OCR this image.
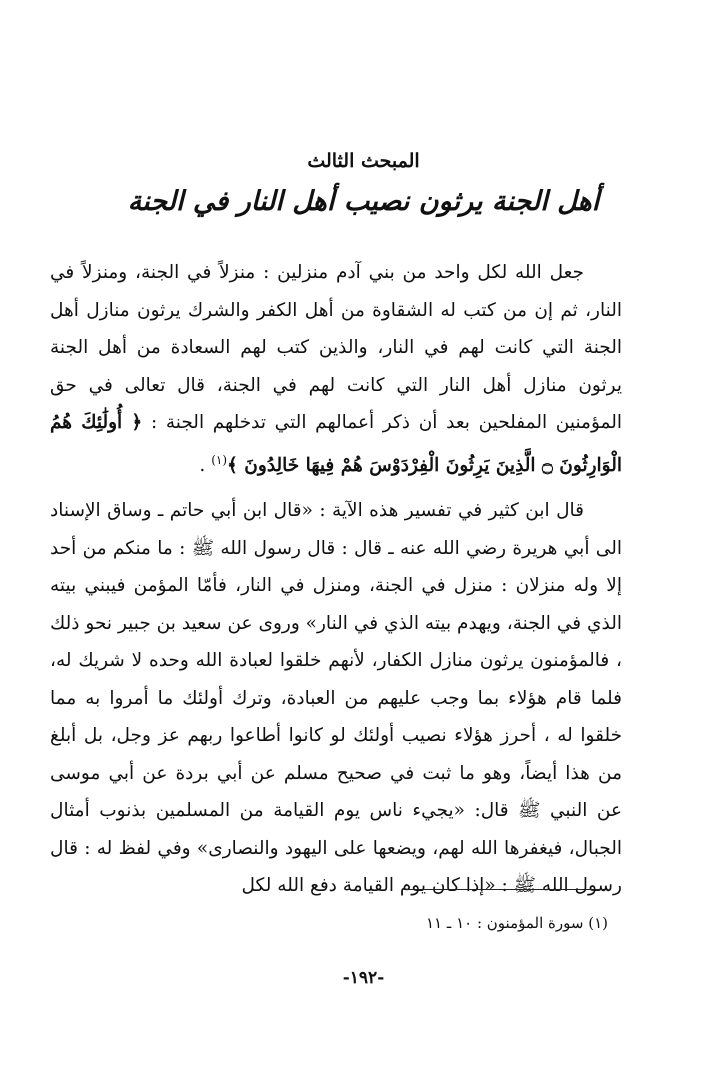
المبحث الثالث
أهل الجنة يرثون نصيب أهل النار في الجنة

جعل الله لكل واحد من بني آدم منزلين : منزلاً في الجنة، ومنزلاً في النار، ثم إن من كتب له الشقاوة من أهل الكفر والشرك يرثون منازل أهل الجنة التي كانت لهم في النار، والذين كتب لهم السعادة من أهل الجنة يرثون منازل أهل النار التي كانت لهم في الجنة، قال تعالى في حق المؤمنين المفلحين بعد أن ذكر أعمالهم التي تدخلهم الجنة : ﴿ أُولَٰئِكَ هُمُ الْوَارِثُونَ ۝ الَّذِينَ يَرِثُونَ الْفِرْدَوْسَ هُمْ فِيهَا خَالِدُونَ ﴾$^{(١)}$ .

قال ابن كثير في تفسير هذه الآية : «قال ابن أبي حاتم ـ وساق الإسناد الى أبي هريرة رضي الله عنه ـ قال : قال رسول الله ﷺ : ما منكم من أحد إلا وله منزلان : منزل في الجنة، ومنزل في النار، فأمّا المؤمن فيبني بيته الذي في الجنة، ويهدم بيته الذي في النار» وروى عن سعيد بن جبير نحو ذلك ، فالمؤمنون يرثون منازل الكفار، لأنهم خلقوا لعبادة الله وحده لا شريك له، فلما قام هؤلاء بما وجب عليهم من العبادة، وترك أولئك ما أمروا به مما خلقوا له ، أحرز هؤلاء نصيب أولئك لو كانوا أطاعوا ربهم عز وجل، بل أبلغ من هذا أيضاً، وهو ما ثبت في صحيح مسلم عن أبي بردة عن أبي موسى عن النبي ﷺ قال: «يجيء ناس يوم القيامة من المسلمين بذنوب أمثال الجبال، فيغفرها الله لهم، ويضعها على اليهود والنصارى» وفي لفظ له : قال رسول الله ﷺ : «إذا كان يوم القيامة دفع الله لكل

(١) سورة المؤمنون : ١٠ ـ ١١
-١٩٢-
